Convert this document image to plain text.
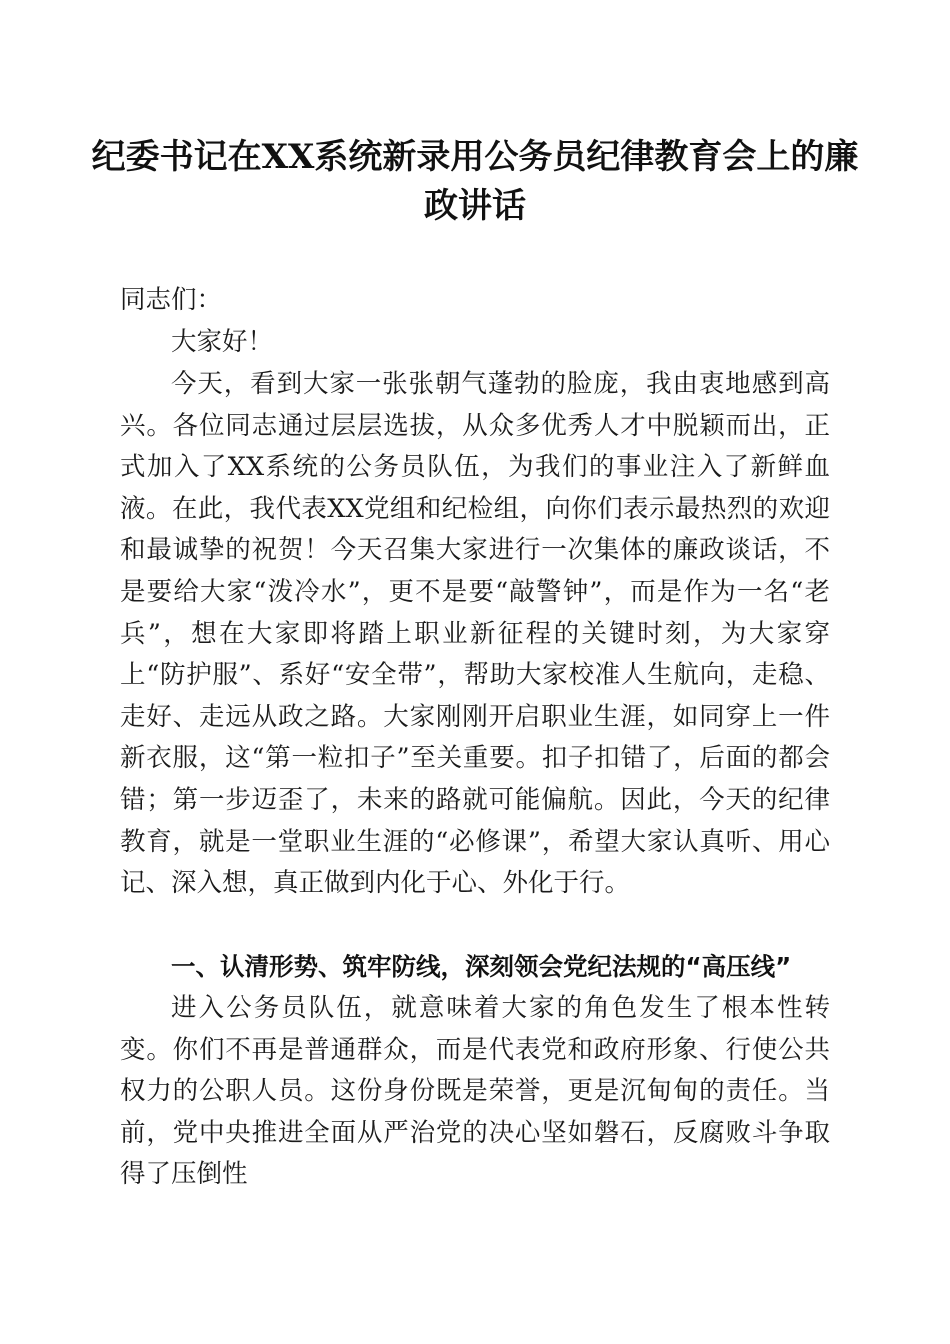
纪委书记在XX系统新录用公务员纪律教育会上的廉政讲话

同志们：

大家好！

今天，看到大家一张张朝气蓬勃的脸庞，我由衷地感到高兴。各位同志通过层层选拔，从众多优秀人才中脱颖而出，正式加入了XX系统的公务员队伍，为我们的事业注入了新鲜血液。在此，我代表XX党组和纪检组，向你们表示最热烈的欢迎和最诚挚的祝贺！今天召集大家进行一次集体的廉政谈话，不是要给大家“泼冷水”，更不是要“敲警钟”，而是作为一名“老兵”，想在大家即将踏上职业新征程的关键时刻，为大家穿上“防护服”、系好“安全带”，帮助大家校准人生航向，走稳、走好、走远从政之路。大家刚刚开启职业生涯，如同穿上一件新衣服，这“第一粒扣子”至关重要。扣子扣错了，后面的都会错；第一步迈歪了，未来的路就可能偏航。因此，今天的纪律教育，就是一堂职业生涯的“必修课”，希望大家认真听、用心记、深入想，真正做到内化于心、外化于行。

一、认清形势、筑牢防线，深刻领会党纪法规的“高压线”

进入公务员队伍，就意味着大家的角色发生了根本性转变。你们不再是普通群众，而是代表党和政府形象、行使公共权力的公职人员。这份身份既是荣誉，更是沉甸甸的责任。当前，党中央推进全面从严治党的决心坚如磐石，反腐败斗争取得了压倒性
